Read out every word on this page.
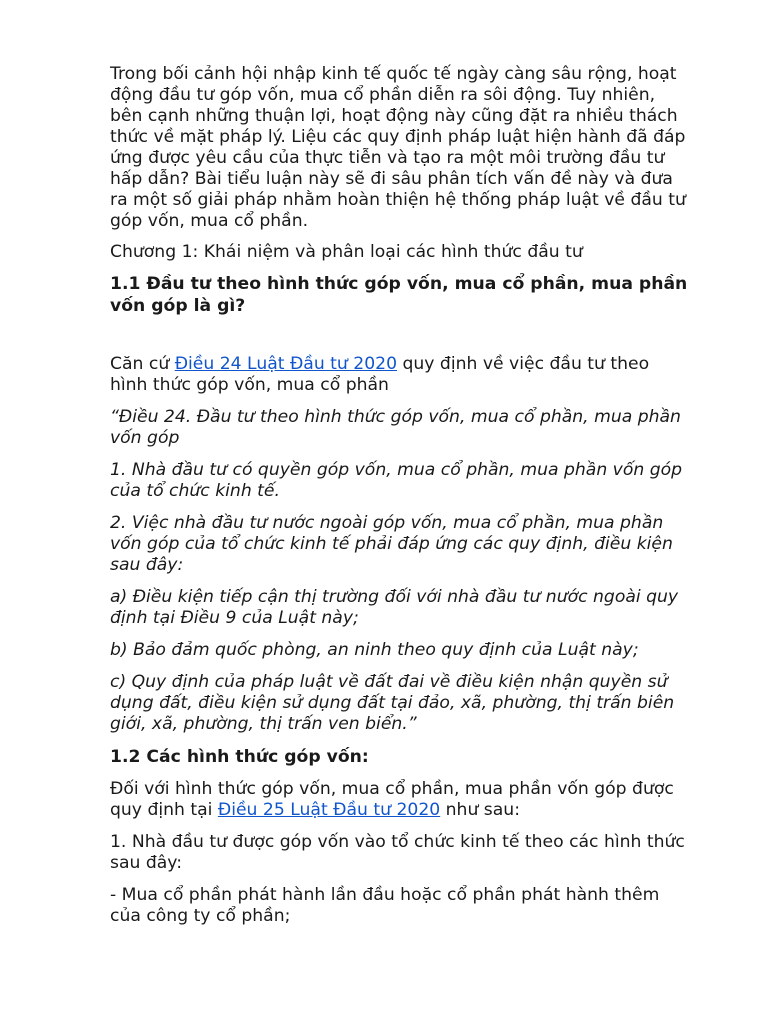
Trong bối cảnh hội nhập kinh tế quốc tế ngày càng sâu rộng, hoạt động đầu tư góp vốn, mua cổ phần diễn ra sôi động. Tuy nhiên, bên cạnh những thuận lợi, hoạt động này cũng đặt ra nhiều thách thức về mặt pháp lý. Liệu các quy định pháp luật hiện hành đã đáp ứng được yêu cầu của thực tiễn và tạo ra một môi trường đầu tư hấp dẫn? Bài tiểu luận này sẽ đi sâu phân tích vấn đề này và đưa ra một số giải pháp nhằm hoàn thiện hệ thống pháp luật về đầu tư góp vốn, mua cổ phần.

Chương 1: Khái niệm và phân loại các hình thức đầu tư

1.1 Đầu tư theo hình thức góp vốn, mua cổ phần, mua phần vốn góp là gì?

Căn cứ Điều 24 Luật Đầu tư 2020 quy định về việc đầu tư theo hình thức góp vốn, mua cổ phần

“Điều 24. Đầu tư theo hình thức góp vốn, mua cổ phần, mua phần vốn góp

1. Nhà đầu tư có quyền góp vốn, mua cổ phần, mua phần vốn góp của tổ chức kinh tế.

2. Việc nhà đầu tư nước ngoài góp vốn, mua cổ phần, mua phần vốn góp của tổ chức kinh tế phải đáp ứng các quy định, điều kiện sau đây:

a) Điều kiện tiếp cận thị trường đối với nhà đầu tư nước ngoài quy định tại Điều 9 của Luật này;

b) Bảo đảm quốc phòng, an ninh theo quy định của Luật này;

c) Quy định của pháp luật về đất đai về điều kiện nhận quyền sử dụng đất, điều kiện sử dụng đất tại đảo, xã, phường, thị trấn biên giới, xã, phường, thị trấn ven biển.”

1.2 Các hình thức góp vốn:

Đối với hình thức góp vốn, mua cổ phần, mua phần vốn góp được quy định tại Điều 25 Luật Đầu tư 2020 như sau:

1. Nhà đầu tư được góp vốn vào tổ chức kinh tế theo các hình thức sau đây:

- Mua cổ phần phát hành lần đầu hoặc cổ phần phát hành thêm của công ty cổ phần;
